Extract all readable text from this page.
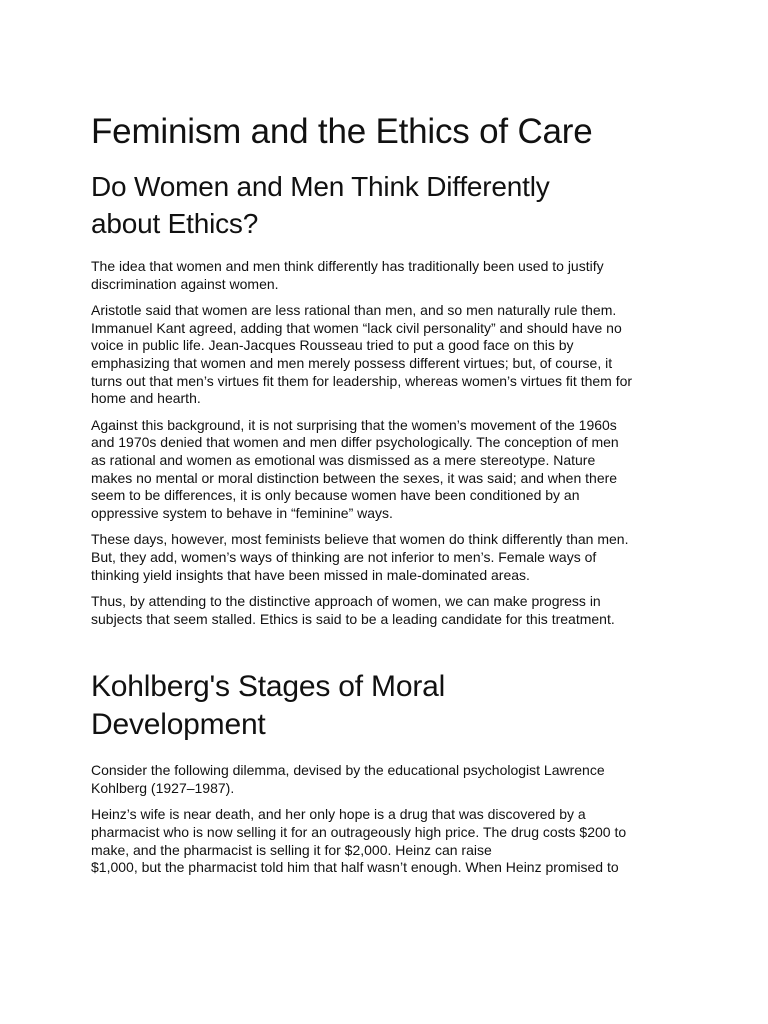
Feminism and the Ethics of Care
Do Women and Men Think Differently
about Ethics?

The idea that women and men think differently has traditionally been used to justify
discrimination against women.

Aristotle said that women are less rational than men, and so men naturally rule them.
Immanuel Kant agreed, adding that women “lack civil personality” and should have no
voice in public life. Jean-Jacques Rousseau tried to put a good face on this by
emphasizing that women and men merely possess different virtues; but, of course, it
turns out that men’s virtues fit them for leadership, whereas women’s virtues fit them for
home and hearth.

Against this background, it is not surprising that the women’s movement of the 1960s
and 1970s denied that women and men differ psychologically. The conception of men
as rational and women as emotional was dismissed as a mere stereotype. Nature
makes no mental or moral distinction between the sexes, it was said; and when there
seem to be differences, it is only because women have been conditioned by an
oppressive system to behave in “feminine” ways.

These days, however, most feminists believe that women do think differently than men.
But, they add, women’s ways of thinking are not inferior to men’s. Female ways of
thinking yield insights that have been missed in male-dominated areas.

Thus, by attending to the distinctive approach of women, we can make progress in
subjects that seem stalled. Ethics is said to be a leading candidate for this treatment.

Kohlberg's Stages of Moral
Development

Consider the following dilemma, devised by the educational psychologist Lawrence
Kohlberg (1927–1987).

Heinz’s wife is near death, and her only hope is a drug that was discovered by a
pharmacist who is now selling it for an outrageously high price. The drug costs $200 to
make, and the pharmacist is selling it for $2,000. Heinz can raise
$1,000, but the pharmacist told him that half wasn’t enough. When Heinz promised to
